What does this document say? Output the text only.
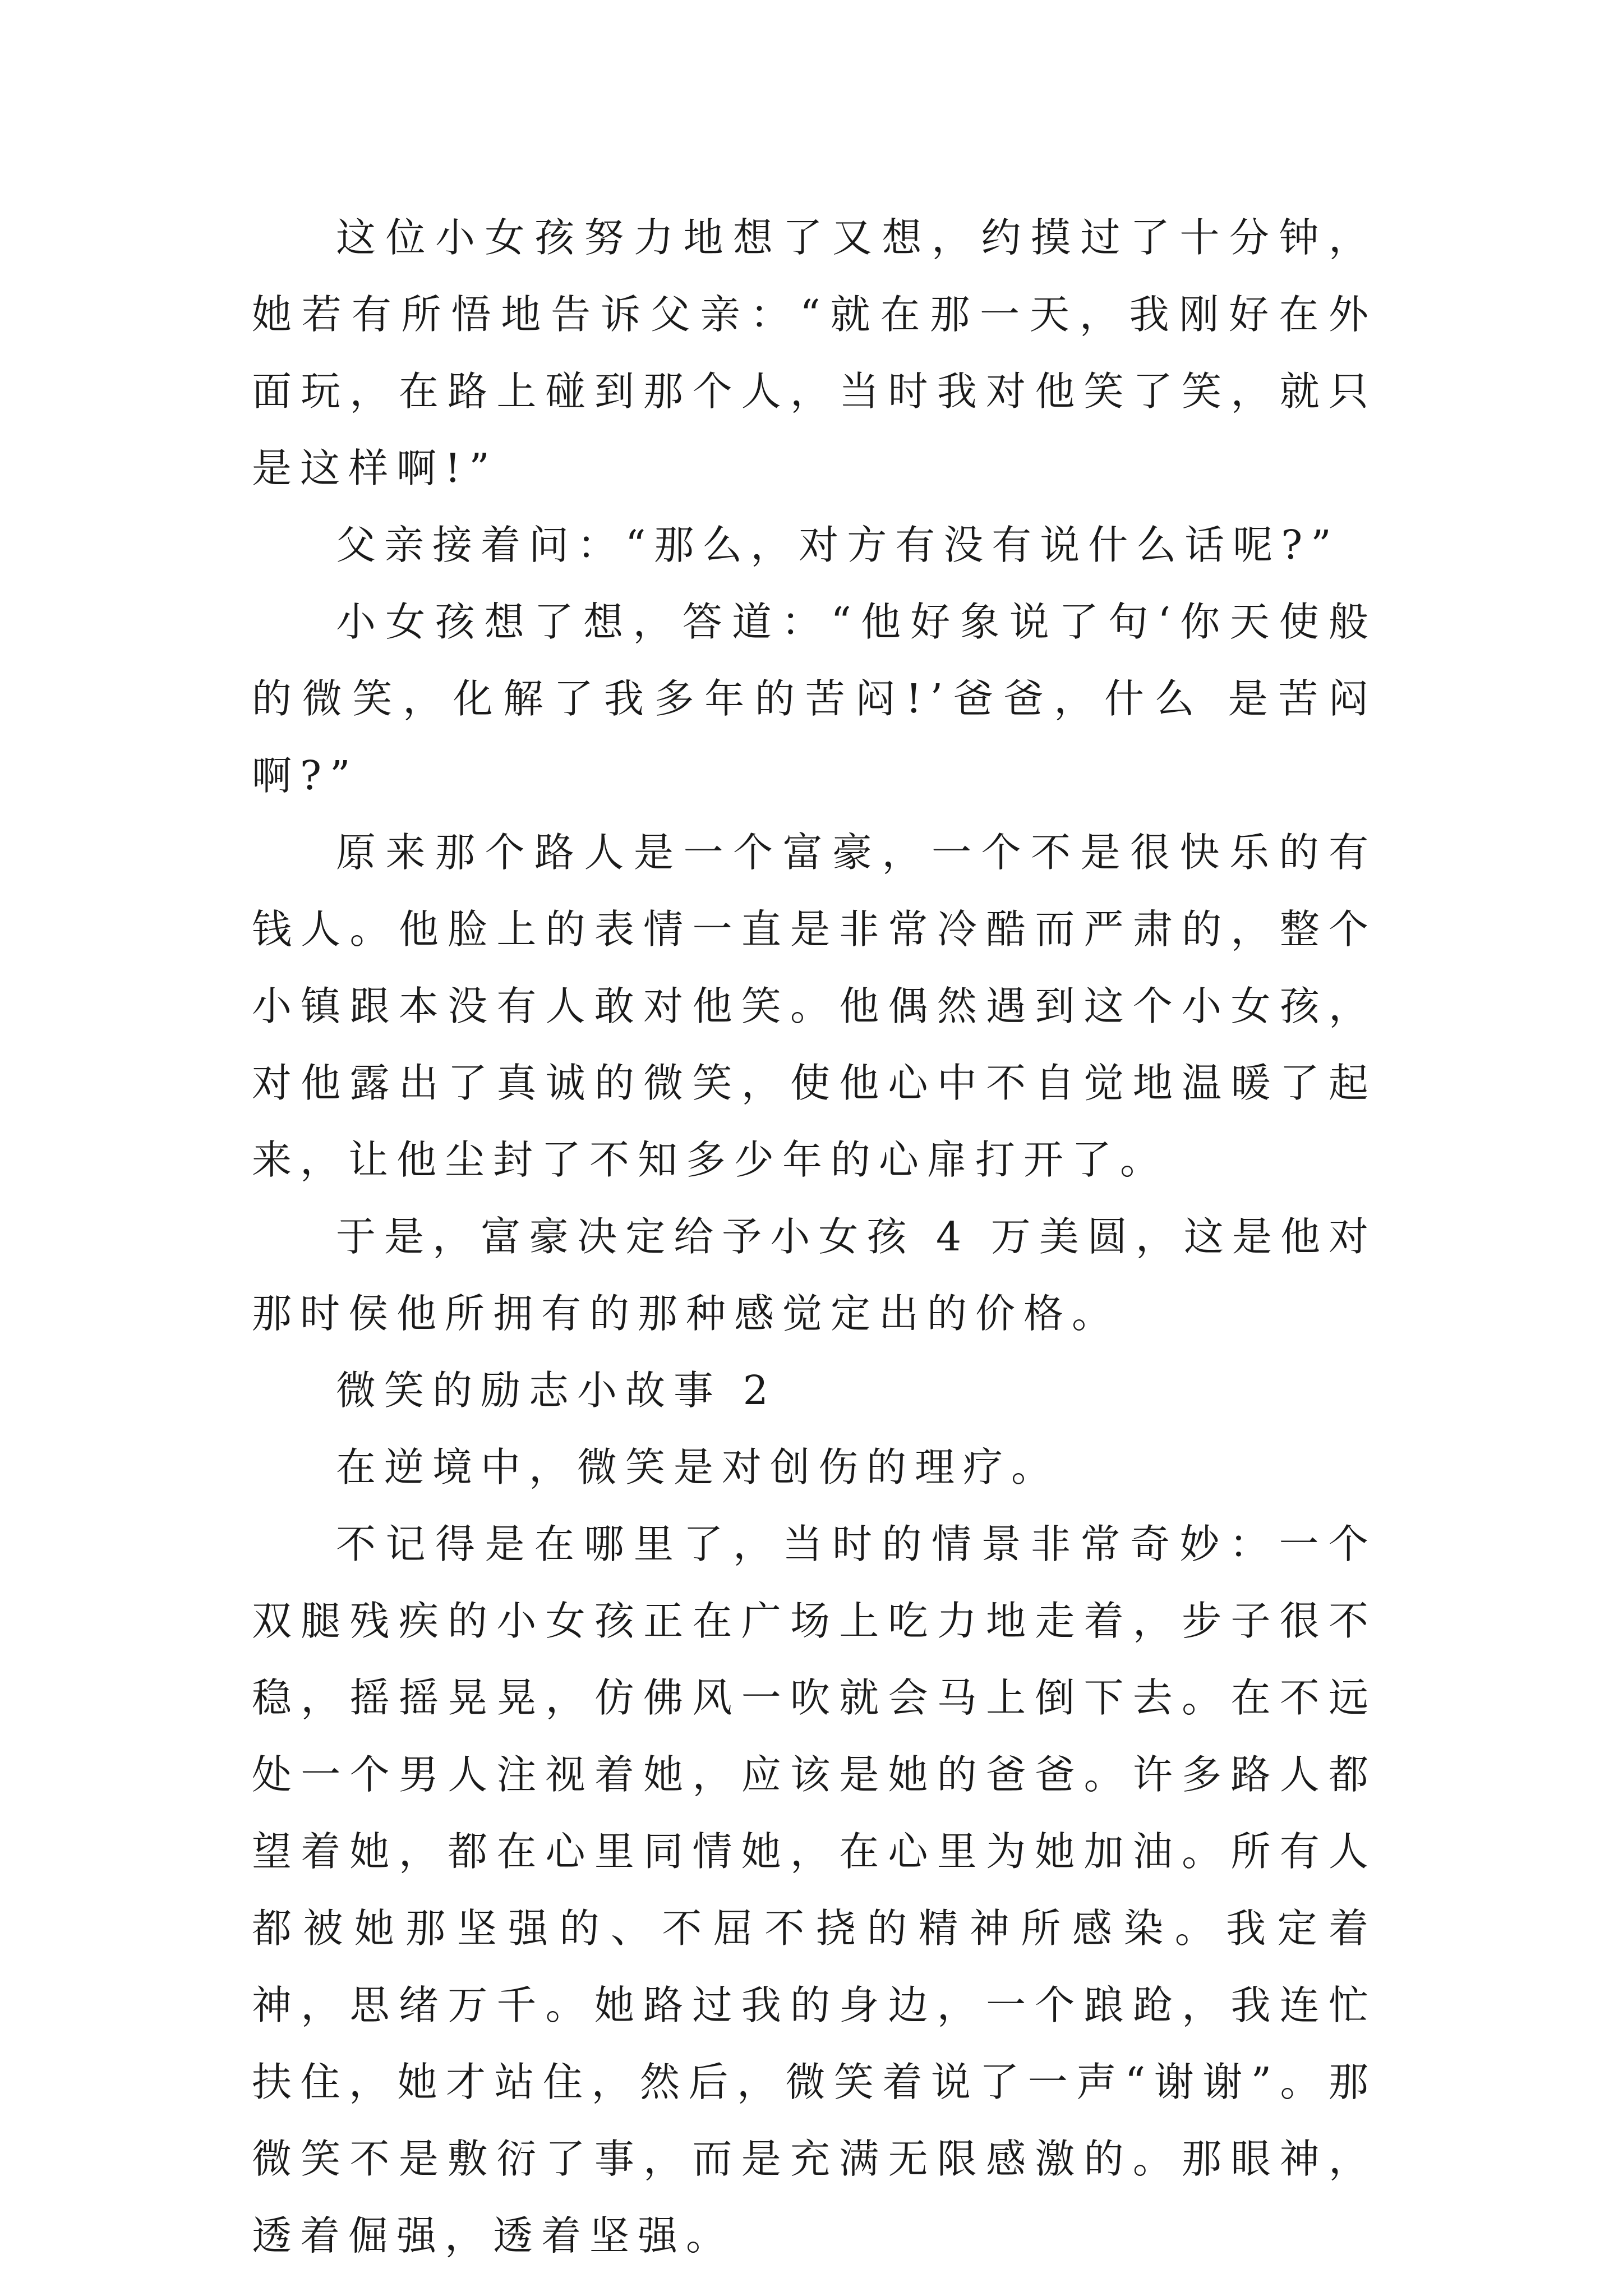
这位小女孩努力地想了又想，约摸过了十分钟，她若有所悟地告诉父亲：“就在那一天，我刚好在外面玩，在路上碰到那个人，当时我对他笑了笑，就只是这样啊!”

父亲接着问：“那么，对方有没有说什么话呢?”

小女孩想了想，答道：“他好象说了句‘你天使般的微笑，化解了我多年的苦闷!’爸爸，什么 是苦闷啊?”

原来那个路人是一个富豪，一个不是很快乐的有钱人。他脸上的表情一直是非常冷酷而严肃的，整个小镇跟本没有人敢对他笑。他偶然遇到这个小女孩，对他露出了真诚的微笑，使他心中不自觉地温暖了起来，让他尘封了不知多少年的心扉打开了。

于是，富豪决定给予小女孩 4 万美圆，这是他对那时侯他所拥有的那种感觉定出的价格。

微笑的励志小故事 2

在逆境中，微笑是对创伤的理疗。

不记得是在哪里了，当时的情景非常奇妙：一个双腿残疾的小女孩正在广场上吃力地走着，步子很不稳，摇摇晃晃，仿佛风一吹就会马上倒下去。在不远处一个男人注视着她，应该是她的爸爸。许多路人都望着她，都在心里同情她，在心里为她加油。所有人都被她那坚强的、不屈不挠的精神所感染。我定着神，思绪万千。她路过我的身边，一个踉跄，我连忙扶住，她才站住，然后，微笑着说了一声“谢谢”。那微笑不是敷衍了事，而是充满无限感激的。那眼神，透着倔强，透着坚强。
